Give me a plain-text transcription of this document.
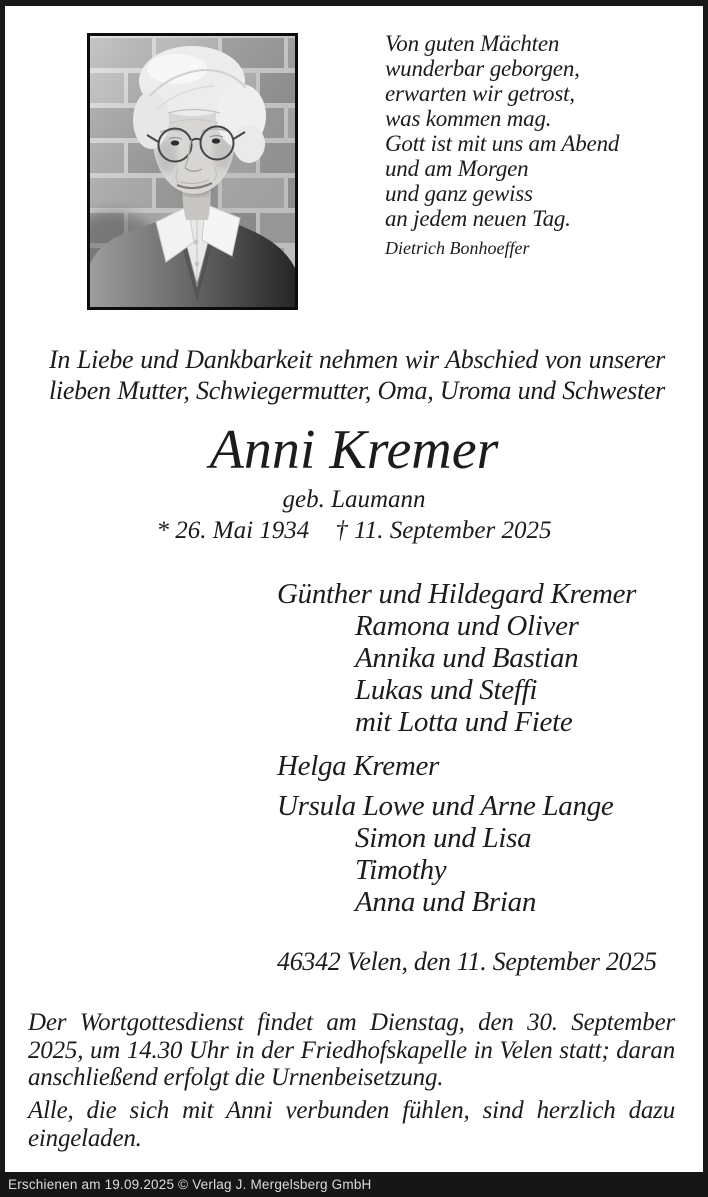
Von guten Mächten
wunderbar geborgen,
erwarten wir getrost,
was kommen mag.
Gott ist mit uns am Abend
und am Morgen
und ganz gewiss
an jedem neuen Tag.
Dietrich Bonhoeffer
In Liebe und Dankbarkeit nehmen wir Abschied von unserer
lieben Mutter, Schwiegermutter, Oma, Uroma und Schwester
Anni Kremer
geb. Laumann
* 26. Mai 1934 † 11. September 2025
Günther und Hildegard Kremer
Ramona und Oliver
Annika und Bastian
Lukas und Steffi
mit Lotta und Fiete
Helga Kremer
Ursula Lowe und Arne Lange
Simon und Lisa
Timothy
Anna und Brian
46342 Velen, den 11. September 2025
Der Wortgottesdienst findet am Dienstag, den 30. September 2025, um 14.30 Uhr in der Friedhofskapelle in Velen statt; daran anschließend erfolgt die Urnenbeisetzung.
Alle, die sich mit Anni verbunden fühlen, sind herzlich dazu eingeladen.
Erschienen am 19.09.2025 © Verlag J. Mergelsberg GmbH
